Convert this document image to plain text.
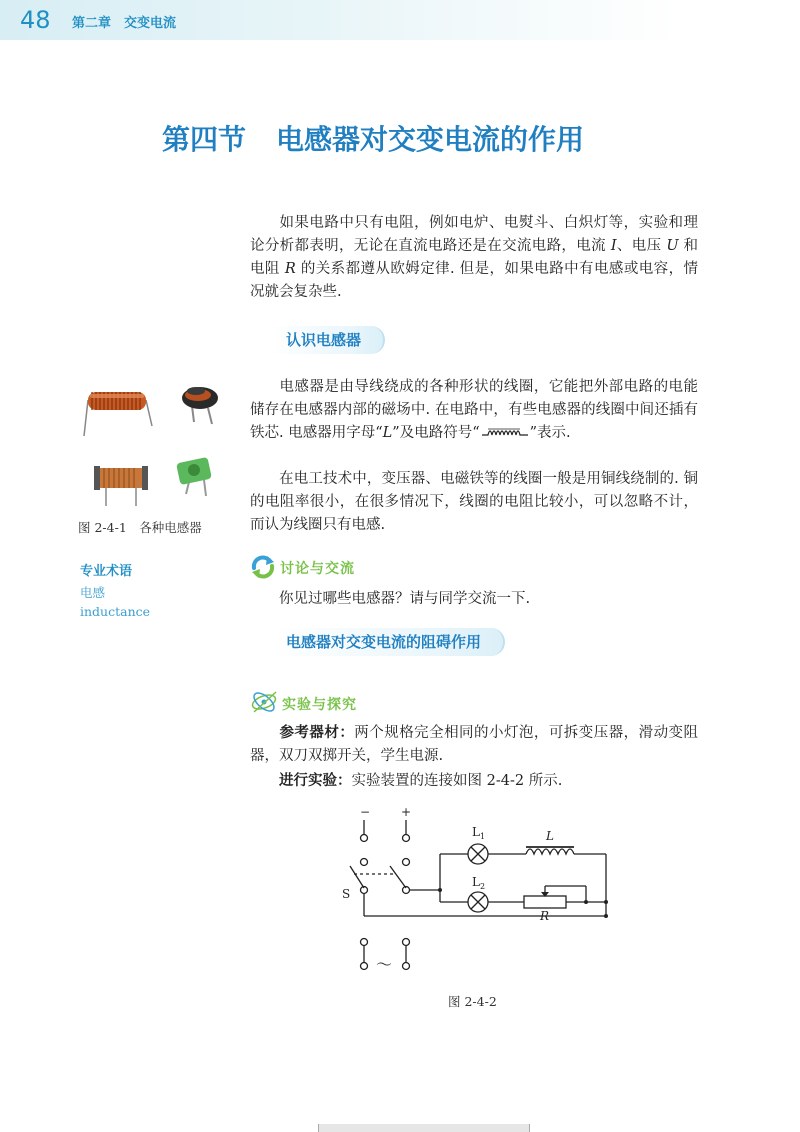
48 第二章　交变电流
第四节 电感器对交变电流的作用

如果电路中只有电阻，例如电炉、电熨斗、白炽灯等，实验和理论分析都表明，无论在直流电路还是在交流电路，电流 I、电压 U 和电阻 R 的关系都遵从欧姆定律. 但是，如果电路中有电感或电容，情况就会复杂些.

认识电感器
图 2-4-1　各种电感器

电感器是由导线绕成的各种形状的线圈，它能把外部电路的电能储存在电感器内部的磁场中. 在电路中，有些电感器的线圈中间还插有铁芯. 电感器用字母“L”及电路符号“	”表示.

在电工技术中，变压器、电磁铁等的线圈一般是用铜线绕制的. 铜的电阻率很小，在很多情况下，线圈的电阻比较小，可以忽略不计，而认为线圈只有电感.

专业术语
电感
inductance
讨论与交流

你见过哪些电感器？请与同学交流一下.

电感器对交变电流的阻碍作用
实验与探究

参考器材：两个规格完全相同的小灯泡，可拆变压器，滑动变阻器，双刀双掷开关，学生电源.

进行实验：实验装置的连接如图 2-4-2 所示.

−	+
S
$L_1$
$L_2$
L
R
～
图 2-4-2
